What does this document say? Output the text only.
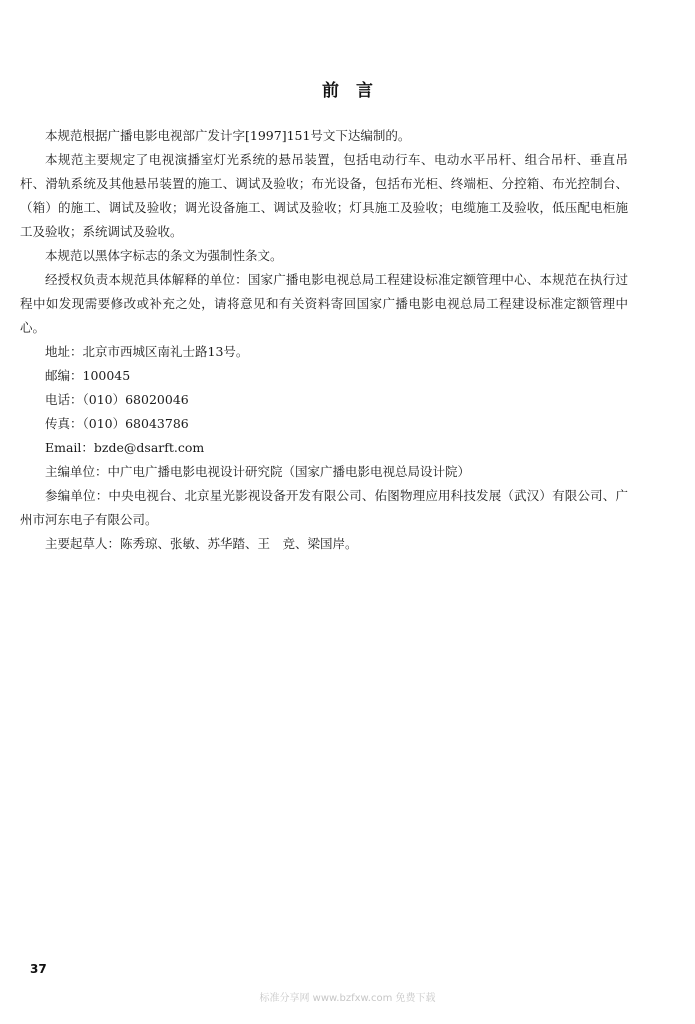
前　言

本规范根据广播电影电视部广发计字[1997]151号文下达编制的。

本规范主要规定了电视演播室灯光系统的悬吊装置，包括电动行车、电动水平吊杆、组合吊杆、垂直吊杆、滑轨系统及其他悬吊装置的施工、调试及验收；布光设备，包括布光柜、终端柜、分控箱、布光控制台、（箱）的施工、调试及验收；调光设备施工、调试及验收；灯具施工及验收；电缆施工及验收，低压配电柜施工及验收；系统调试及验收。

本规范以黑体字标志的条文为强制性条文。

经授权负责本规范具体解释的单位：国家广播电影电视总局工程建设标准定额管理中心、本规范在执行过程中如发现需要修改或补充之处，请将意见和有关资料寄回国家广播电影电视总局工程建设标准定额管理中心。

地址：北京市西城区南礼士路13号。

邮编：100045

电话：（010）68020046

传真：（010）68043786

Email：bzde@dsarft.com

主编单位：中广电广播电影电视设计研究院（国家广播电影电视总局设计院）

参编单位：中央电视台、北京星光影视设备开发有限公司、佑图物理应用科技发展（武汉）有限公司、广州市河东电子有限公司。

主要起草人：陈秀琼、张敏、苏华踏、王　竞、梁国岸。

37
标准分享网 www.bzfxw.com 免费下载
